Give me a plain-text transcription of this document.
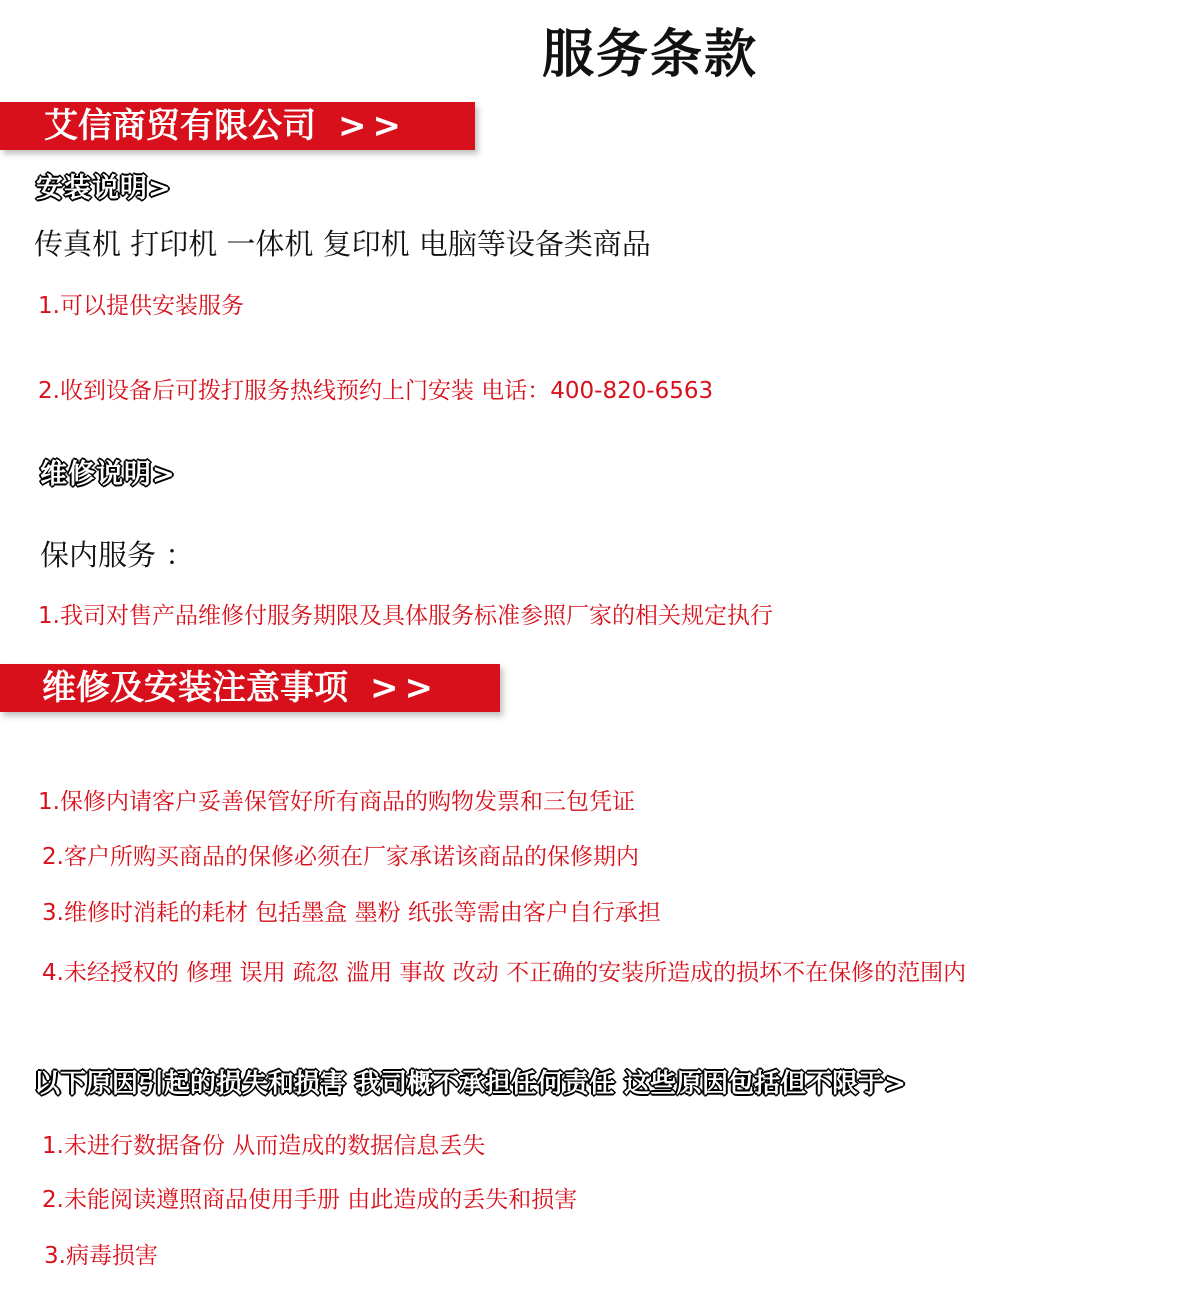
服务条款
艾信商贸有限公司 >>
安装说明>
传真机 打印机 一体机 复印机 电脑等设备类商品
1.可以提供安装服务
2.收到设备后可拨打服务热线预约上门安装 电话：400-820-6563
维修说明>
保内服务 ：
1.我司对售产品维修付服务期限及具体服务标准参照厂家的相关规定执行
维修及安装注意事项 >>
1.保修内请客户妥善保管好所有商品的购物发票和三包凭证
2.客户所购买商品的保修必须在厂家承诺该商品的保修期内
3.维修时消耗的耗材 包括墨盒 墨粉 纸张等需由客户自行承担
4.未经授权的 修理 误用 疏忽 滥用 事故 改动 不正确的安装所造成的损坏不在保修的范围内
以下原因引起的损失和损害 我司概不承担任何责任 这些原因包括但不限于>
1.未进行数据备份 从而造成的数据信息丢失
2.未能阅读遵照商品使用手册 由此造成的丢失和损害
3.病毒损害
